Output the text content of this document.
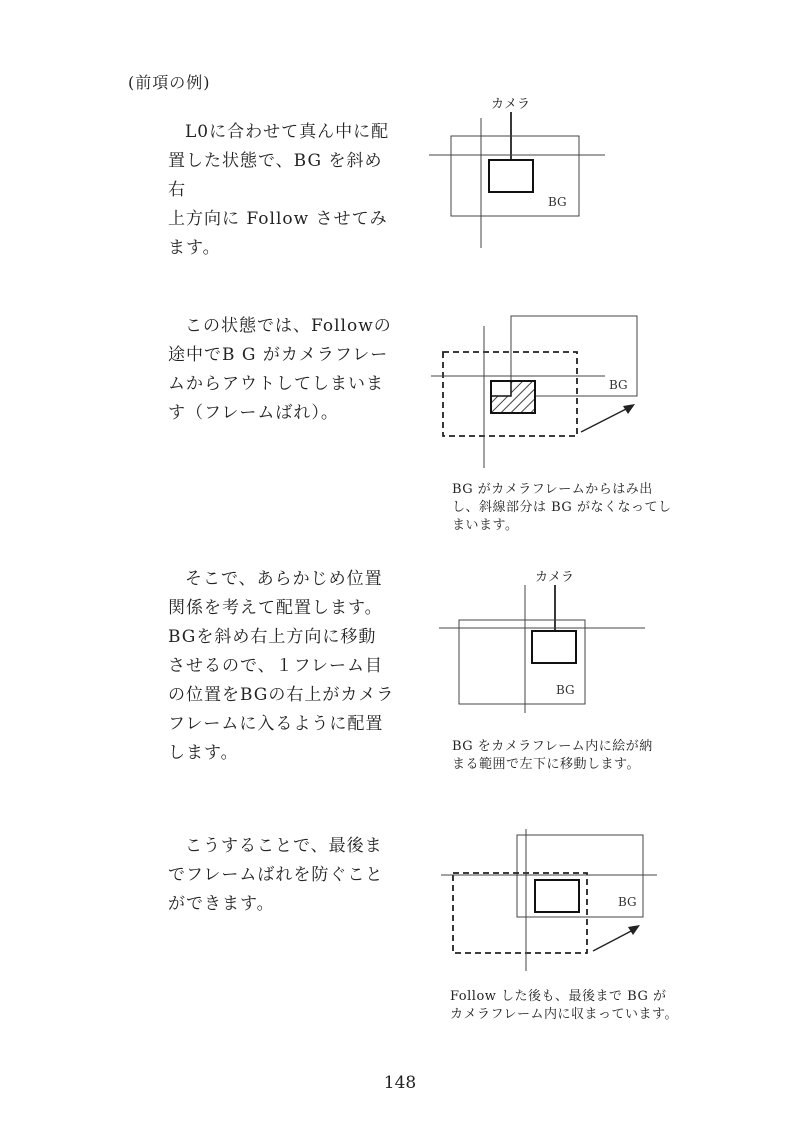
(前項の例)

L0に合わせて真ん中に配

置した状態で、BG を斜め右

上方向に Follow させてみ

ます。

この状態では、Followの

途中でB G がカメラフレー

ムからアウトしてしまいま

す（フレームばれ）。

そこで、あらかじめ位置

関係を考えて配置します。

BGを斜め右上方向に移動

させるので、１フレーム目

の位置をBGの右上がカメラ

フレームに入るように配置

します。

こうすることで、最後ま

でフレームばれを防ぐこと

ができます。

カメラ
BG
BG

BG がカメラフレームからはみ出

し、斜線部分は BG がなくなってし

まいます。

カメラ
BG

BG をカメラフレーム内に絵が納

まる範囲で左下に移動します。

BG

Follow した後も、最後まで BG が

カメラフレーム内に収まっています。

148
